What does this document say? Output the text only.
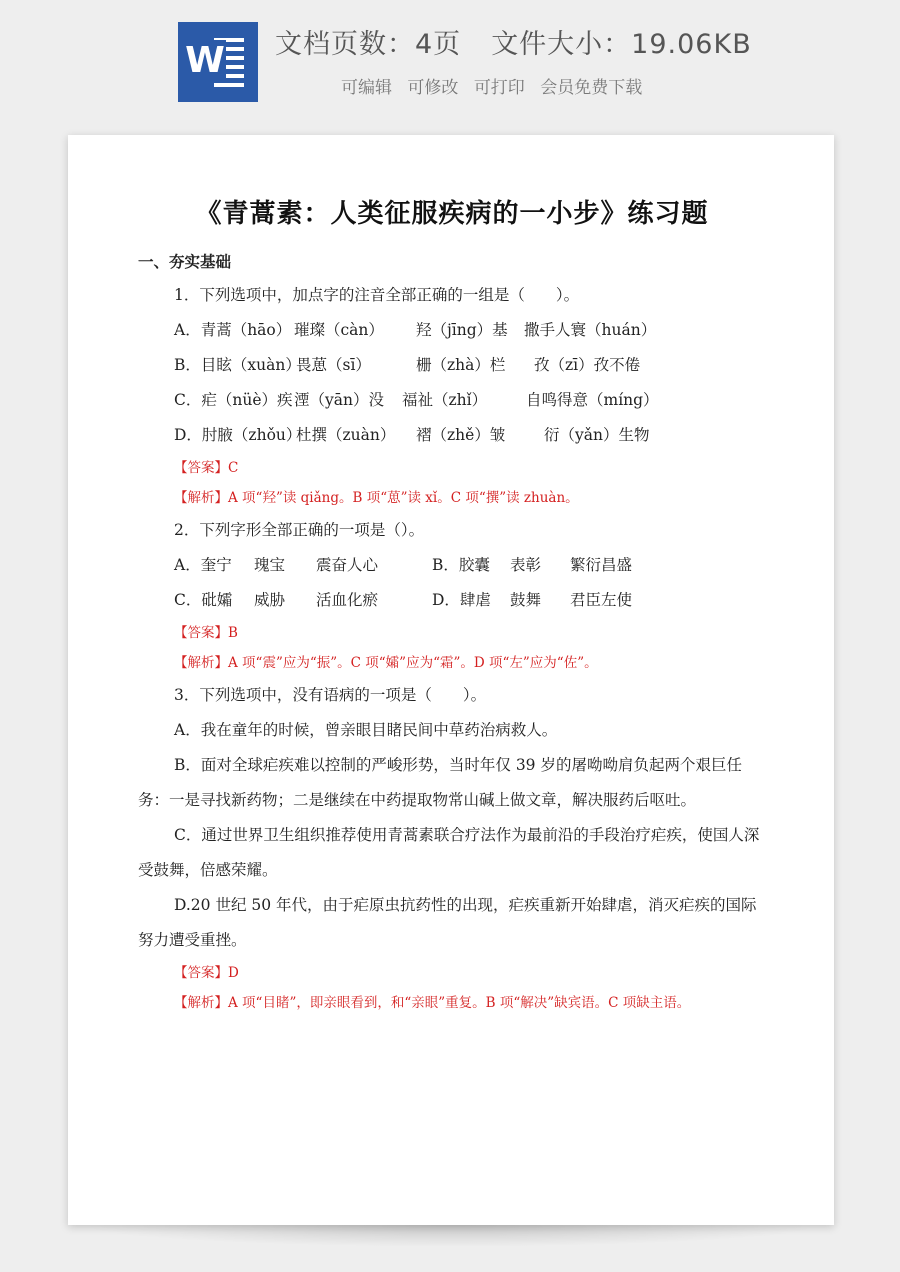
W 文档页数：4页 文件大小：19.06KB
可编辑 可修改 可打印 会员免费下载
《青蒿素：人类征服疾病的一小步》练习题
一、夯实基础

1．下列选项中，加点字的注音全部正确的一组是（　　）。

A．青蒿（hāo） 璀璨（càn） 羟（jīng）基 撒手人寰（huán）

B．目眩（xuàn）畏葸（sī）	栅（zhà）栏 孜（zī）孜不倦

C．疟（nüè）疾湮（yān）没 福祉（zhǐ）	自鸣得意（míng）

D．肘腋（zhǒu）杜撰（zuàn） 褶（zhě）皱 衍（yǎn）生物

【答案】C

【解析】A 项“羟”读 qiǎng。B 项“葸”读 xǐ。C 项“撰”读 zhuàn。

2．下列字形全部正确的一项是（）。

A．奎宁 瑰宝 震奋人心	B．胶囊 表彰 繁衍昌盛

C．砒孀 威胁 活血化瘀	D．肆虐 鼓舞 君臣左使

【答案】B

【解析】A 项“震”应为“振”。C 项“孀”应为“霜”。D 项“左”应为“佐”。

3．下列选项中，没有语病的一项是（　　）。

A．我在童年的时候，曾亲眼目睹民间中草药治病救人。

B．面对全球疟疾难以控制的严峻形势，当时年仅 39 岁的屠呦呦肩负起两个艰巨任务：一是寻找新药物；二是继续在中药提取物常山碱上做文章，解决服药后呕吐。

C．通过世界卫生组织推荐使用青蒿素联合疗法作为最前沿的手段治疗疟疾，使国人深受鼓舞，倍感荣耀。

D.20 世纪 50 年代，由于疟原虫抗药性的出现，疟疾重新开始肆虐，消灭疟疾的国际努力遭受重挫。

【答案】D

【解析】A 项“目睹”，即亲眼看到，和“亲眼”重复。B 项“解决”缺宾语。C 项缺主语。
